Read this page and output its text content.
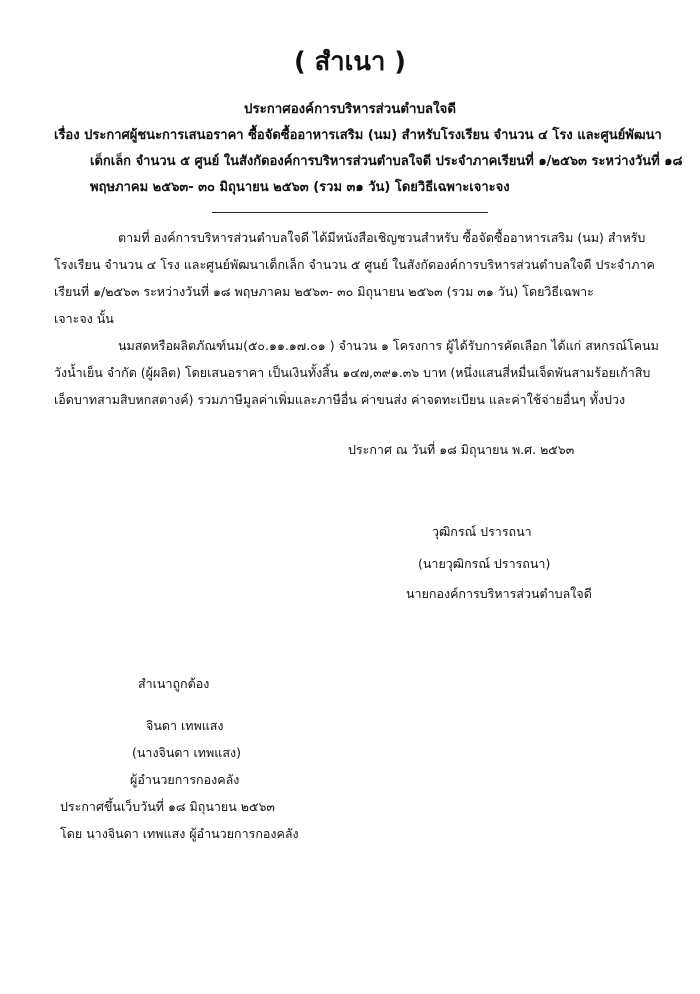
( สำเนา )
ประกาศองค์การบริหารส่วนตำบลใจดี
เรื่อง ประกาศผู้ชนะการเสนอราคา ซื้อจัดซื้ออาหารเสริม (นม) สำหรับโรงเรียน จำนวน ๔ โรง และศูนย์พัฒนา
เด็กเล็ก จำนวน ๕ ศูนย์ ในสังกัดองค์การบริหารส่วนตำบลใจดี ประจำภาคเรียนที่ ๑/๒๕๖๓ ระหว่างวันที่ ๑๘
พฤษภาคม ๒๕๖๓- ๓๐ มิถุนายน ๒๕๖๓ (รวม ๓๑ วัน) โดยวิธีเฉพาะเจาะจง
ตามที่ องค์การบริหารส่วนตำบลใจดี ได้มีหนังสือเชิญชวนสำหรับ ซื้อจัดซื้ออาหารเสริม (นม) สำหรับ
โรงเรียน จำนวน ๔ โรง และศูนย์พัฒนาเด็กเล็ก จำนวน ๕ ศูนย์ ในสังกัดองค์การบริหารส่วนตำบลใจดี ประจำภาค
เรียนที่ ๑/๒๕๖๓ ระหว่างวันที่ ๑๘ พฤษภาคม ๒๕๖๓- ๓๐ มิถุนายน ๒๕๖๓ (รวม ๓๑ วัน) โดยวิธีเฉพาะ
เจาะจง นั้น
นมสดหรือผลิตภัณฑ์นม(๕๐.๑๑.๑๗.๐๑ ) จำนวน ๑ โครงการ ผู้ได้รับการคัดเลือก ได้แก่ สหกรณ์โคนม
วังน้ำเย็น จำกัด (ผู้ผลิต) โดยเสนอราคา เป็นเงินทั้งสิ้น ๑๔๗,๓๙๑.๓๖ บาท (หนึ่งแสนสี่หมื่นเจ็ดพันสามร้อยเก้าสิบ
เอ็ดบาทสามสิบหกสตางค์) รวมภาษีมูลค่าเพิ่มและภาษีอื่น ค่าขนส่ง ค่าจดทะเบียน และค่าใช้จ่ายอื่นๆ ทั้งปวง
ประกาศ ณ วันที่ ๑๘ มิถุนายน พ.ศ. ๒๕๖๓
วุฒิกรณ์ ปรารถนา
(นายวุฒิกรณ์ ปรารถนา)
นายกองค์การบริหารส่วนตำบลใจดี
สำเนาถูกต้อง
จินดา เทพแสง
(นางจินดา เทพแสง)
ผู้อำนวยการกองคลัง
ประกาศขึ้นเว็บวันที่ ๑๘ มิถุนายน ๒๕๖๓
โดย นางจินดา เทพแสง ผู้อำนวยการกองคลัง
